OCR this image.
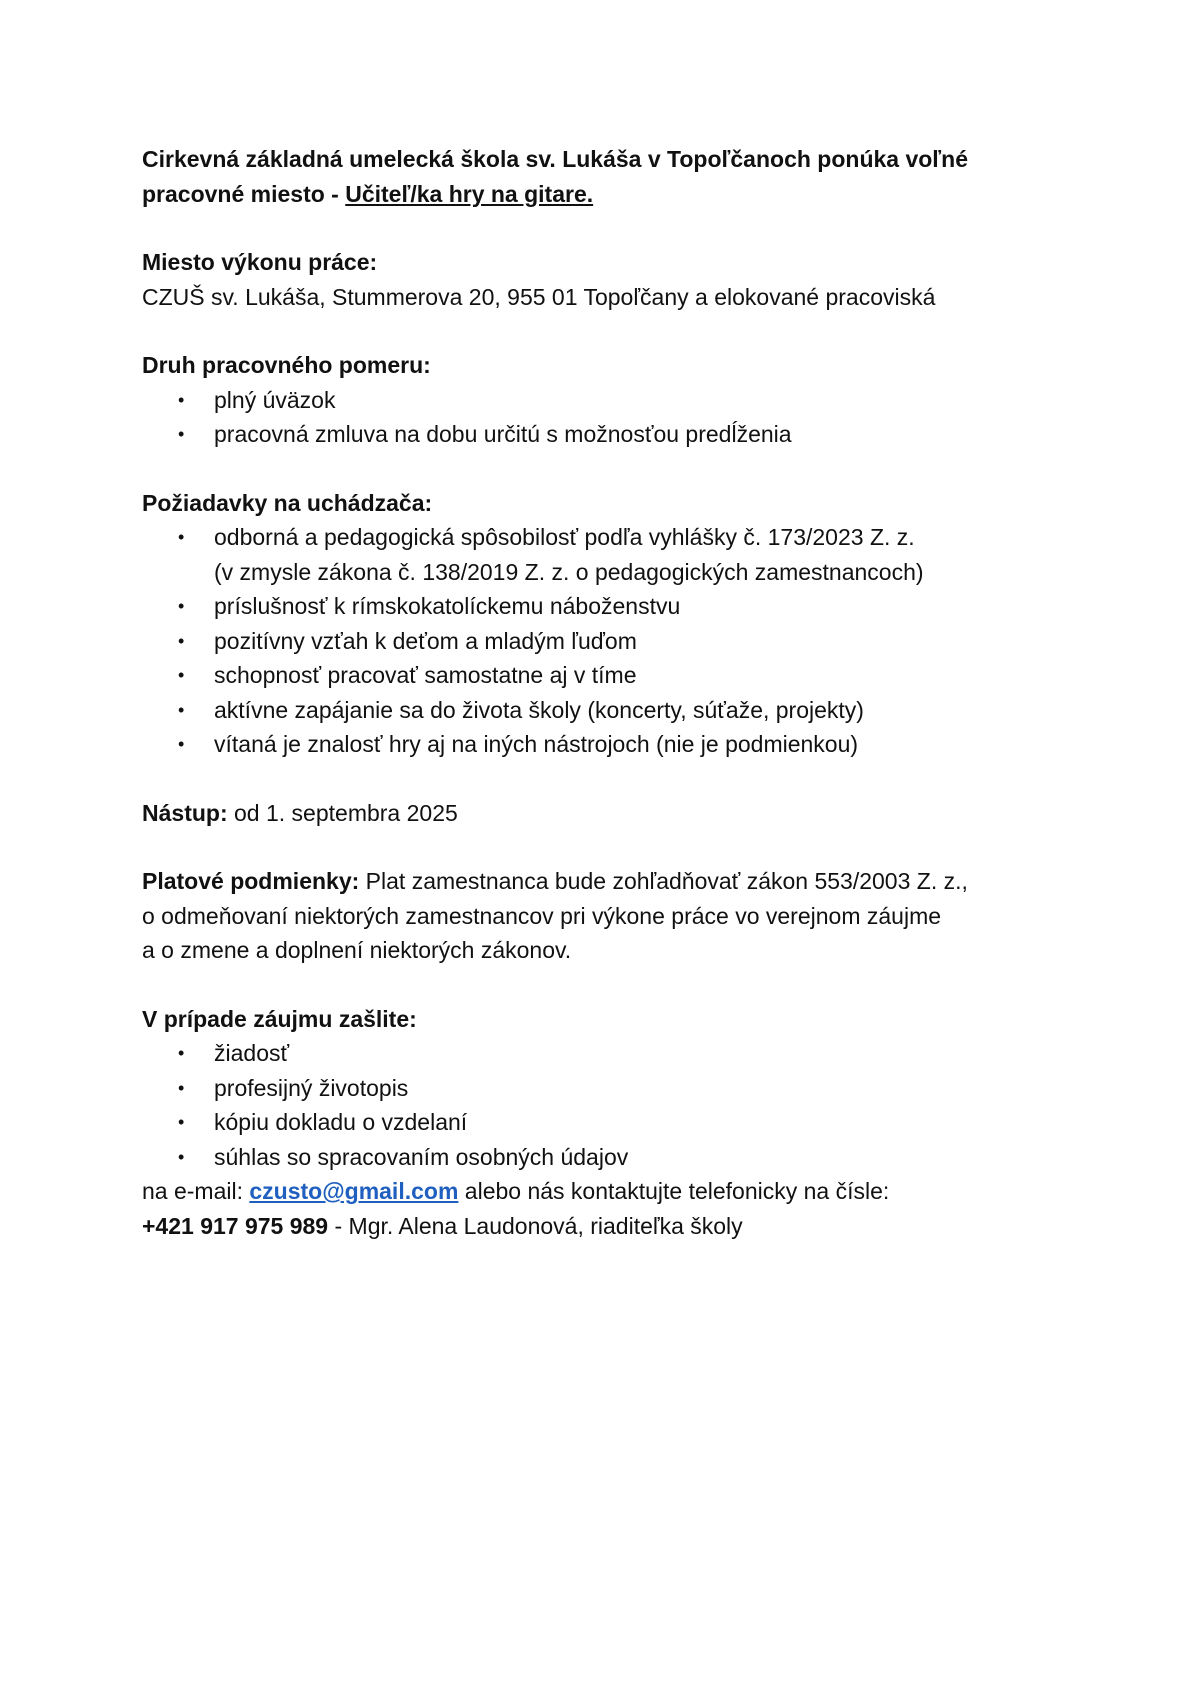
Cirkevná základná umelecká škola sv. Lukáša v Topoľčanoch ponúka voľné
pracovné miesto - Učiteľ/ka hry na gitare.
Miesto výkonu práce:
CZUŠ sv. Lukáša, Stummerova 20, 955 01 Topoľčany a elokované pracoviská
Druh pracovného pomeru:
• plný úväzok
• pracovná zmluva na dobu určitú s možnosťou predĺženia
Požiadavky na uchádzača:
• odborná a pedagogická spôsobilosť podľa vyhlášky č. 173/2023 Z. z.
(v zmysle zákona č. 138/2019 Z. z. o pedagogických zamestnancoch)
• príslušnosť k rímskokatolíckemu náboženstvu
• pozitívny vzťah k deťom a mladým ľuďom
• schopnosť pracovať samostatne aj v tíme
• aktívne zapájanie sa do života školy (koncerty, súťaže, projekty)
• vítaná je znalosť hry aj na iných nástrojoch (nie je podmienkou)
Nástup: od 1. septembra 2025
Platové podmienky: Plat zamestnanca bude zohľadňovať zákon 553/2003 Z. z.,
o odmeňovaní niektorých zamestnancov pri výkone práce vo verejnom záujme
a o zmene a doplnení niektorých zákonov.
V prípade záujmu zašlite:
• žiadosť
• profesijný životopis
• kópiu dokladu o vzdelaní
• súhlas so spracovaním osobných údajov
na e-mail: czusto@gmail.com alebo nás kontaktujte telefonicky na čísle:
+421 917 975 989 - Mgr. Alena Laudonová, riaditeľka školy
